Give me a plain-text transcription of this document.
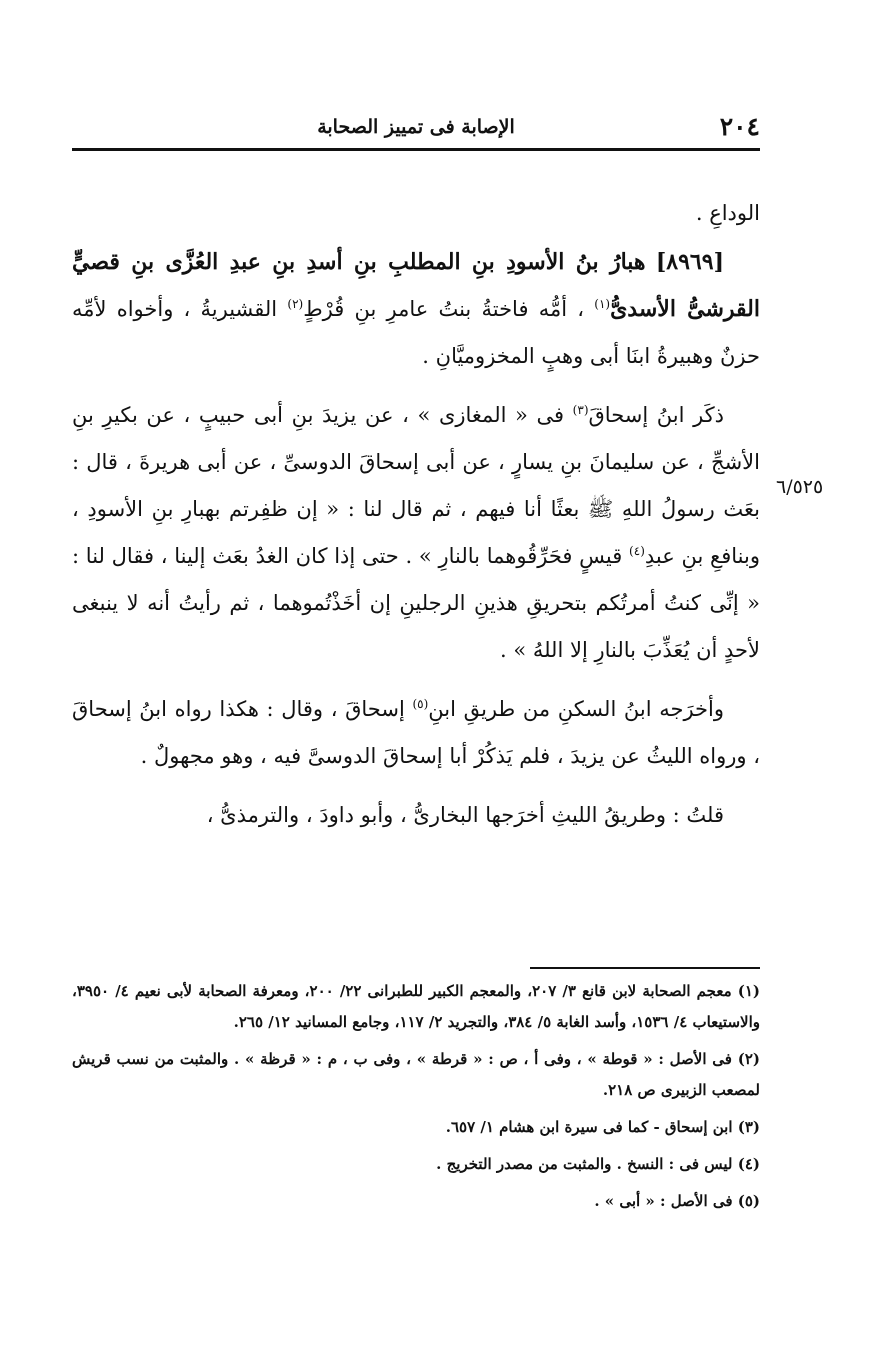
٢٠٤
الإصابة فى تمييز الصحابة
٦/٥٢٥

الوداعِ .

[٨٩٦٩] هبارُ بنُ الأسودِ بنِ المطلبِ بنِ أسدِ بنِ عبدِ العُزَّى بنِ قصيٍّ القرشىُّ الأسدىُّ$^{(١)}$ ، أمُّه فاختةُ بنتُ عامرِ بنِ قُرْطٍ$^{(٢)}$ القشيريةُ ، وأخواه لأمِّه حزنٌ وهبيرةُ ابنَا أبى وهبٍ المخزوميَّانِ .

ذكَر ابنُ إسحاقَ$^{(٣)}$ فى « المغازى » ، عن يزيدَ بنِ أبى حبيبٍ ، عن بكيرِ بنِ الأشجِّ ، عن سليمانَ بنِ يسارٍ ، عن أبى إسحاقَ الدوسىِّ ، عن أبى هريرةَ ، قال : بعَث رسولُ اللهِ ﷺ بعثًا أنا فيهم ، ثم قال لنا : « إن ظفِرتم بهبارِ بنِ الأسودِ ، وبنافعِ بنِ عبدِ$^{(٤)}$ قيسٍ فحَرِّقُوهما بالنارِ » . حتى إذا كان الغدُ بعَث إلينا ، فقال لنا : « إنِّى كنتُ أمرتُكم بتحريقِ هذينِ الرجلينِ إن أخَذْتُموهما ، ثم رأيتُ أنه لا ينبغى لأحدٍ أن يُعَذِّبَ بالنارِ إلا اللهُ » .

وأخرَجه ابنُ السكنِ من طريقِ ابنِ$^{(٥)}$ إسحاقَ ، وقال : هكذا رواه ابنُ إسحاقَ ، ورواه الليثُ عن يزيدَ ، فلم يَذكُرْ أبا إسحاقَ الدوسىَّ فيه ، وهو مجهولٌ .

قلتُ : وطريقُ الليثِ أخرَجها البخارىُّ ، وأبو داودَ ، والترمذىُّ ،

(١) معجم الصحابة لابن قانع ٣/ ٢٠٧، والمعجم الكبير للطبرانى ٢٢/ ٢٠٠، ومعرفة الصحابة لأبى نعيم ٤/ ٣٩٥٠، والاستيعاب ٤/ ١٥٣٦، وأسد الغابة ٥/ ٣٨٤، والتجريد ٢/ ١١٧، وجامع المسانيد ١٢/ ٢٦٥.

(٢) فى الأصل : « قوطة » ، وفى أ ، ص : « قرطة » ، وفى ب ، م : « قرظة » . والمثبت من نسب قريش لمصعب الزبيرى ص ٢١٨.

(٣) ابن إسحاق - كما فى سيرة ابن هشام ١/ ٦٥٧.

(٤) ليس فى : النسخ . والمثبت من مصدر التخريج .

(٥) فى الأصل : « أبى » .
